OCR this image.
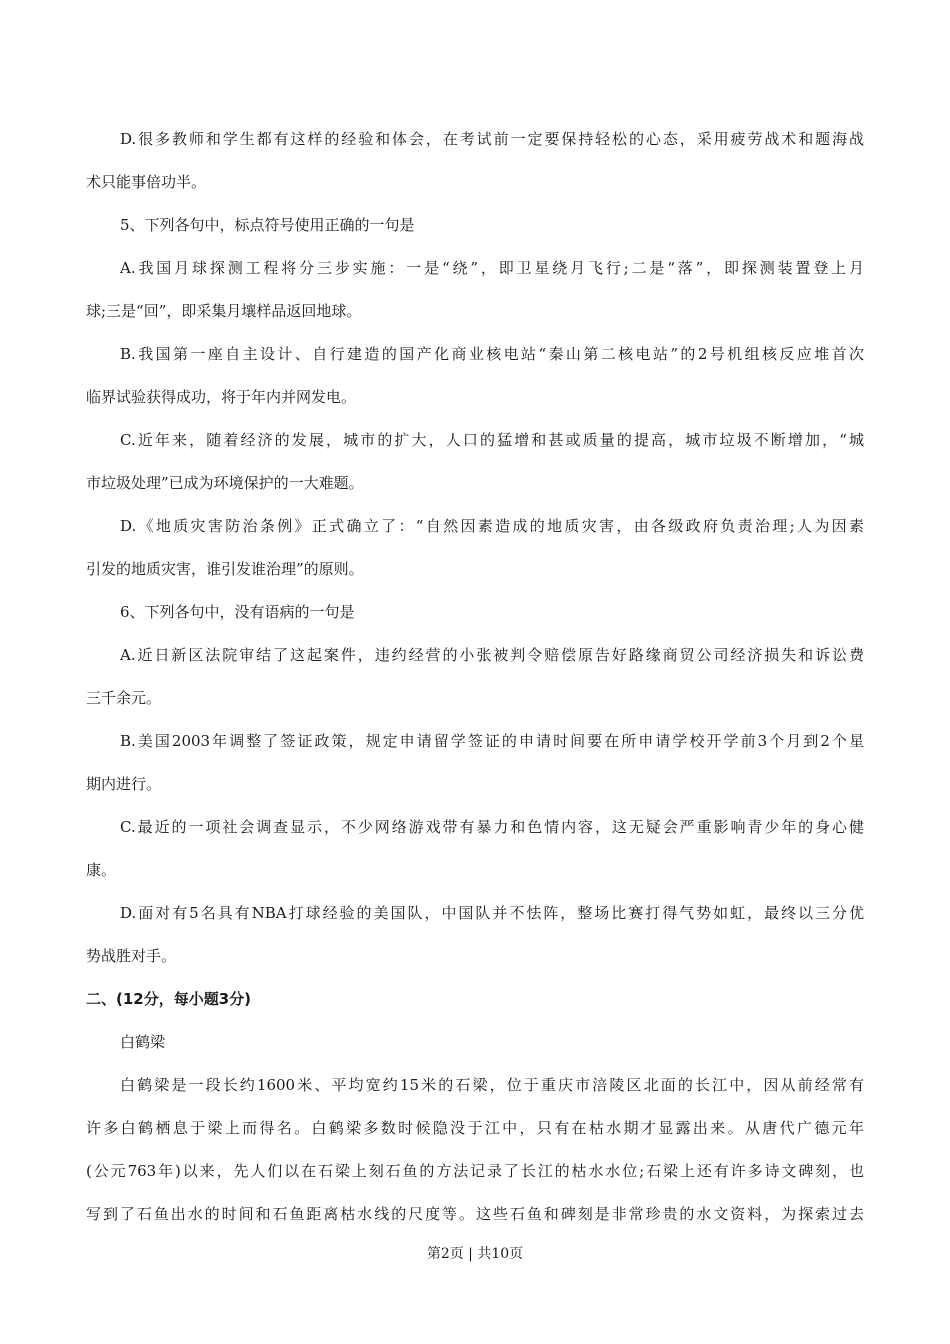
D.很多教师和学生都有这样的经验和体会，在考试前一定要保持轻松的心态，采用疲劳战术和题海战
术只能事倍功半。
5、下列各句中，标点符号使用正确的一句是
A.我国月球探测工程将分三步实施：一是“绕”，即卫星绕月飞行;二是“落”，即探测装置登上月
球;三是“回”，即采集月壤样品返回地球。
B.我国第一座自主设计、自行建造的国产化商业核电站“秦山第二核电站”的2号机组核反应堆首次
临界试验获得成功，将于年内并网发电。
C.近年来，随着经济的发展，城市的扩大，人口的猛增和甚或质量的提高，城市垃圾不断增加，“城
市垃圾处理”已成为环境保护的一大难题。
D.《地质灾害防治条例》正式确立了：“自然因素造成的地质灾害，由各级政府负责治理;人为因素
引发的地质灾害，谁引发谁治理”的原则。
6、下列各句中，没有语病的一句是
A.近日新区法院审结了这起案件，违约经营的小张被判令赔偿原告好路缘商贸公司经济损失和诉讼费
三千余元。
B.美国2003年调整了签证政策，规定申请留学签证的申请时间要在所申请学校开学前3个月到2个星
期内进行。
C.最近的一项社会调查显示，不少网络游戏带有暴力和色情内容，这无疑会严重影响青少年的身心健
康。
D.面对有5名具有NBA打球经验的美国队，中国队并不怯阵，整场比赛打得气势如虹，最终以三分优
势战胜对手。
二、(12分，每小题3分)
白鹤梁
白鹤梁是一段长约1600米、平均宽约15米的石梁，位于重庆市涪陵区北面的长江中，因从前经常有
许多白鹤栖息于梁上而得名。白鹤梁多数时候隐没于江中，只有在枯水期才显露出来。从唐代广德元年
(公元763年)以来，先人们以在石梁上刻石鱼的方法记录了长江的枯水水位;石梁上还有许多诗文碑刻，也
写到了石鱼出水的时间和石鱼距离枯水线的尺度等。这些石鱼和碑刻是非常珍贵的水文资料，为探索过去
第2页 | 共10页
